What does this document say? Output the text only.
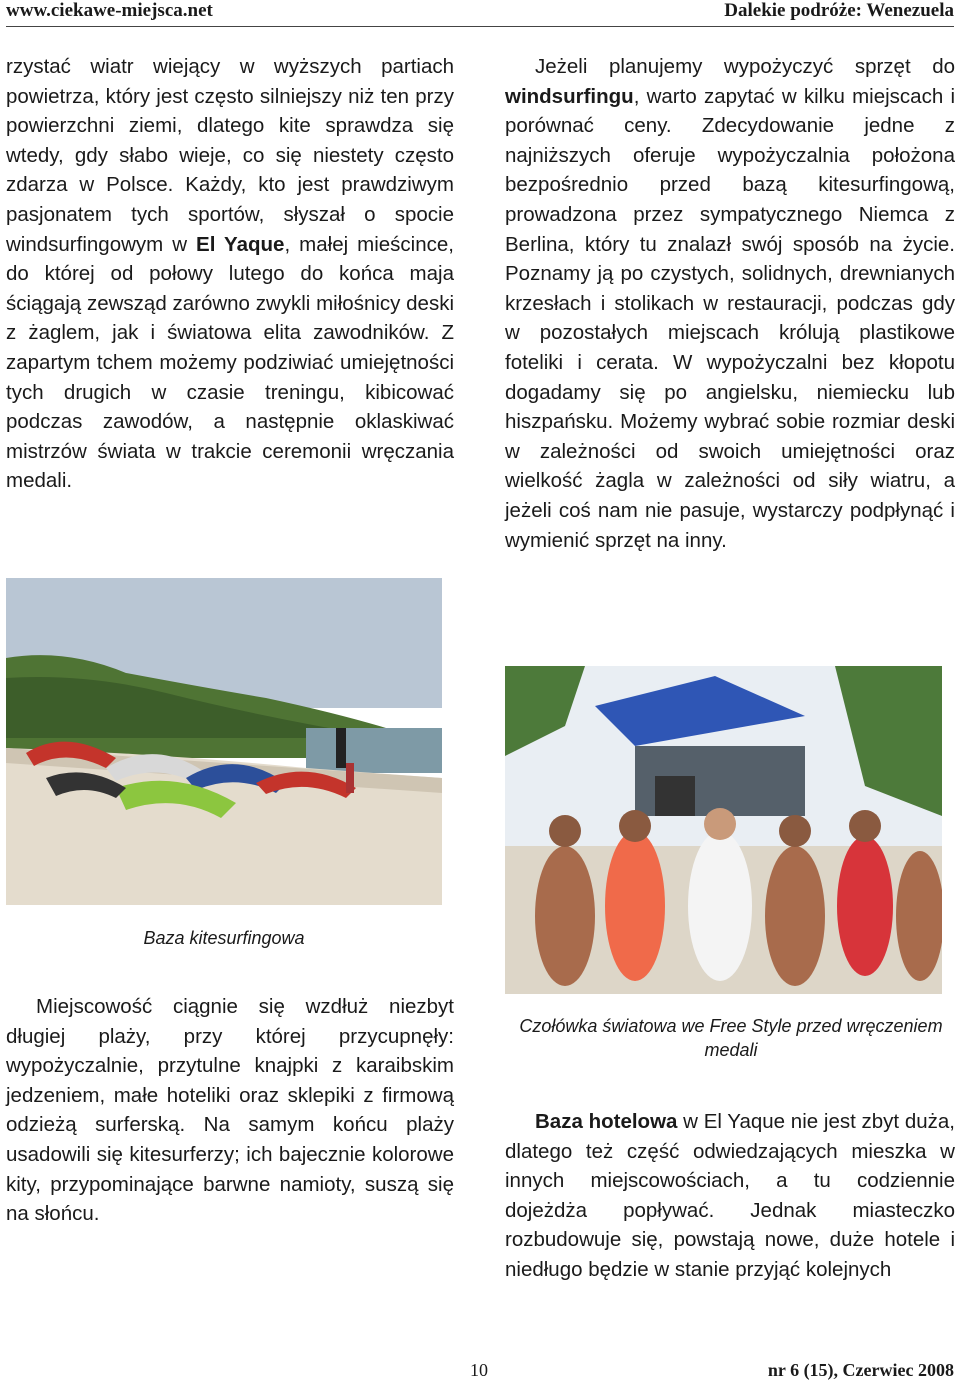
www.ciekawe-miejsca.net	Dalekie podróże: Wenezuela

rzystać wiatr wiejący w wyższych partiach powietrza, który jest często silniejszy niż ten przy powierzchni ziemi, dlatego kite sprawdza się wtedy, gdy słabo wieje, co się niestety często zdarza w Polsce. Każdy, kto jest prawdziwym pasjonatem tych sportów, słyszał o spocie windsurfingowym w El Yaque, małej mieścince, do której od połowy lutego do końca maja ściągają zewsząd zarówno zwykli miłośnicy deski z żaglem, jak i światowa elita zawodników. Z zapartym tchem możemy podziwiać umiejętności tych drugich w czasie treningu, kibicować podczas zawodów, a następnie oklaskiwać mistrzów świata w trakcie ceremonii wręczania medali.

Jeżeli planujemy wypożyczyć sprzęt do windsurfingu, warto zapytać w kilku miejscach i porównać ceny. Zdecydowanie jedne z najniższych oferuje wypożyczalnia położona bezpośrednio przed bazą kitesurfingową, prowadzona przez sympatycznego Niemca z Berlina, który tu znalazł swój sposób na życie. Poznamy ją po czystych, solidnych, drewnianych krzesłach i stolikach w restauracji, podczas gdy w pozostałych miejscach królują plastikowe foteliki i cerata. W wypożyczalni bez kłopotu dogadamy się po angielsku, niemiecku lub hiszpańsku. Możemy wybrać sobie rozmiar deski w zależności od swoich umiejętności oraz wielkość żagla w zależności od siły wiatru, a jeżeli coś nam nie pasuje, wystarczy podpłynąć i wymienić sprzęt na inny.

Baza kitesurfingowa
Czołówka światowa we Free Style przed wręczeniem medali

Miejscowość ciągnie się wzdłuż niezbyt długiej plaży, przy której przycupnęły: wypożyczalnie, przytulne knajpki z karaibskim jedzeniem, małe hoteliki oraz sklepiki z firmową odzieżą surferską. Na samym końcu plaży usadowili się kitesurferzy; ich bajecznie kolorowe kity, przypominające barwne namioty, suszą się na słońcu.

Baza hotelowa w El Yaque nie jest zbyt duża, dlatego też część odwiedzających mieszka w innych miejscowościach, a tu codziennie dojeżdża popływać. Jednak miasteczko rozbudowuje się, powstają nowe, duże hotele i niedługo będzie w stanie przyjąć kolejnych

10	nr 6 (15), Czerwiec 2008
